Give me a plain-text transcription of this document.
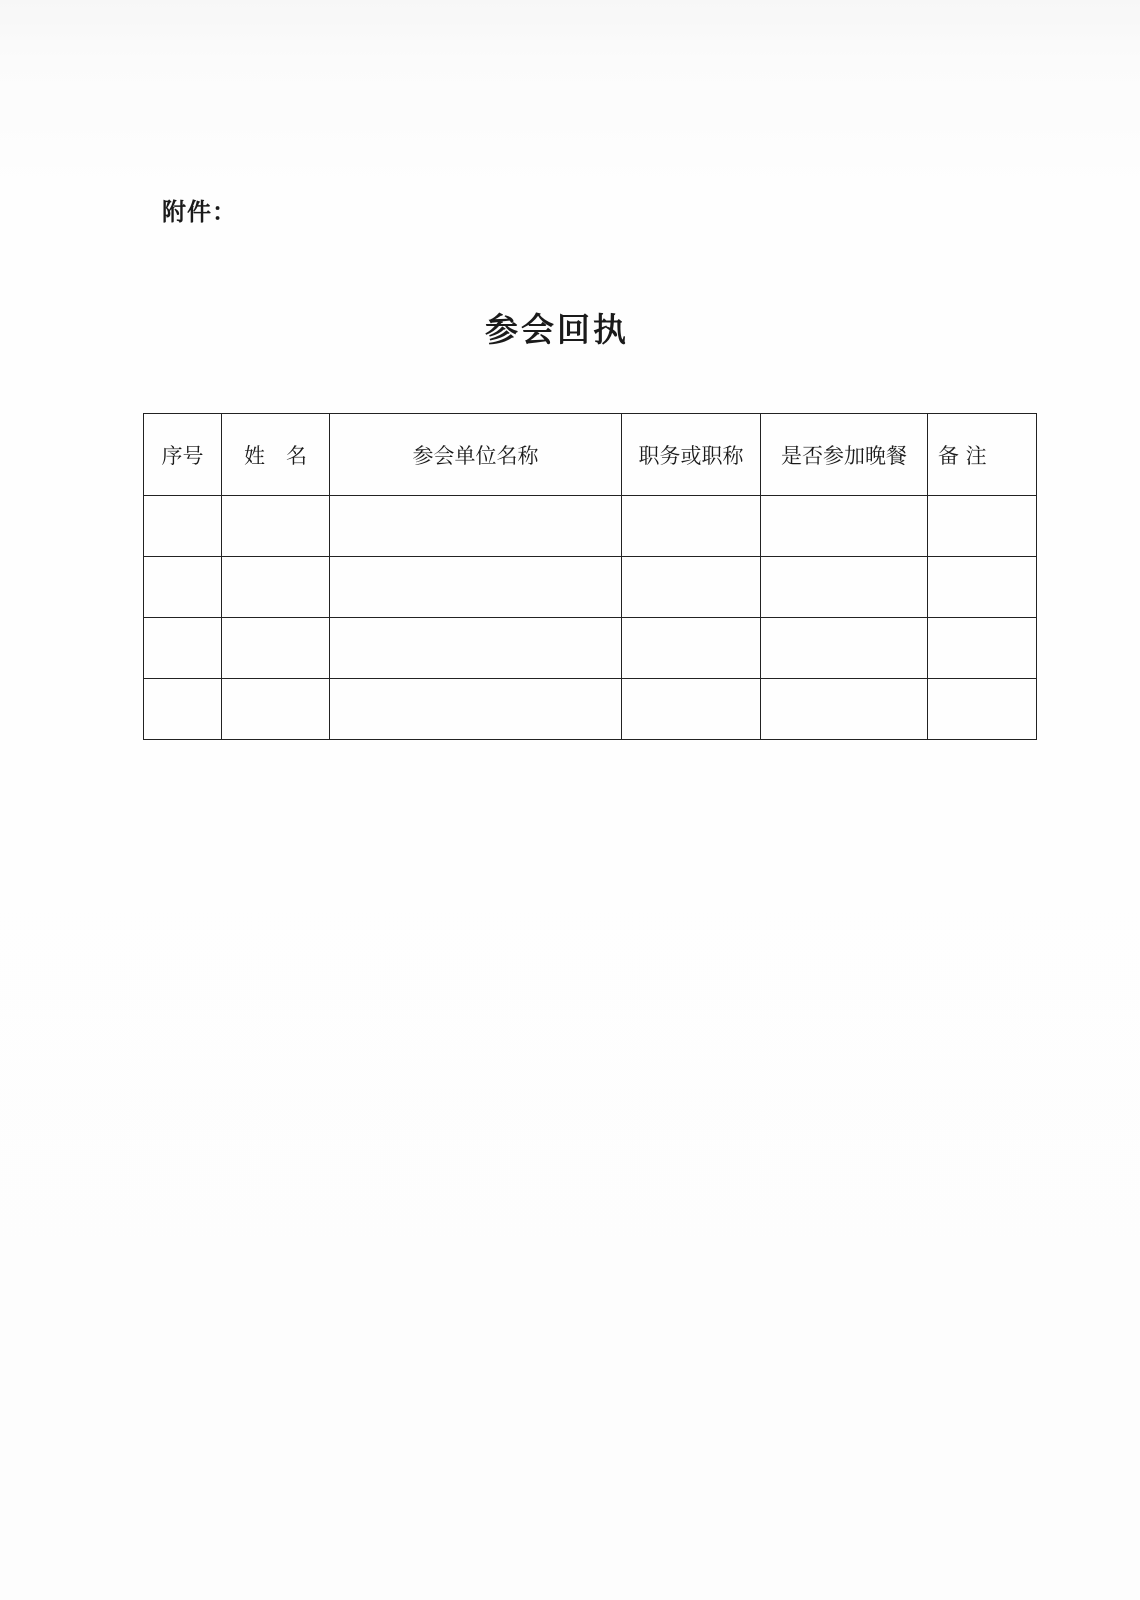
附件：
参会回执
序号	姓　名	参会单位名称	职务或职称	是否参加晚餐	备 注
